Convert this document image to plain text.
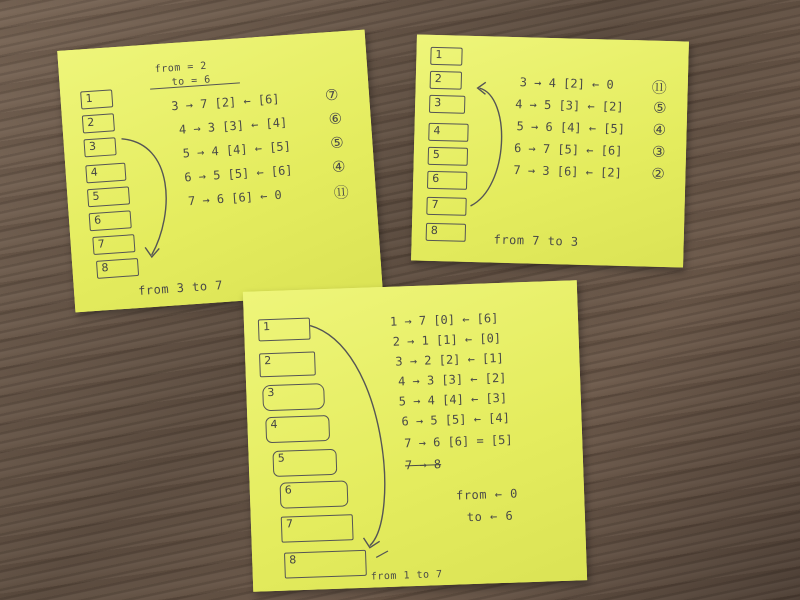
1
2
3
4
5
6
7
8
from = 2
to = 6
3 → 7 [2] ← [6]
4 → 3 [3] ← [4]
5 → 4 [4] ← [5]
6 → 5 [5] ← [6]
7 → 6 [6] ← 0
⑦
⑥
⑤
④
⑪
from 3 to 7
1
2
3
4
5
6
7
8
3 → 4 [2] ← 0
4 → 5 [3] ← [2]
5 → 6 [4] ← [5]
6 → 7 [5] ← [6]
7 → 3 [6] ← [2]
⑪
⑤
④
③
②
from 7 to 3
1
2
3
4
5
6
7
8
1 → 7 [0] ← [6]
2 → 1 [1] ← [0]
3 → 2 [2] ← [1]
4 → 3 [3] ← [2]
5 → 4 [4] ← [3]
6 → 5 [5] ← [4]
7 → 6 [6] = [5]
7 → 8
from ← 0
to ← 6
from 1 to 7
